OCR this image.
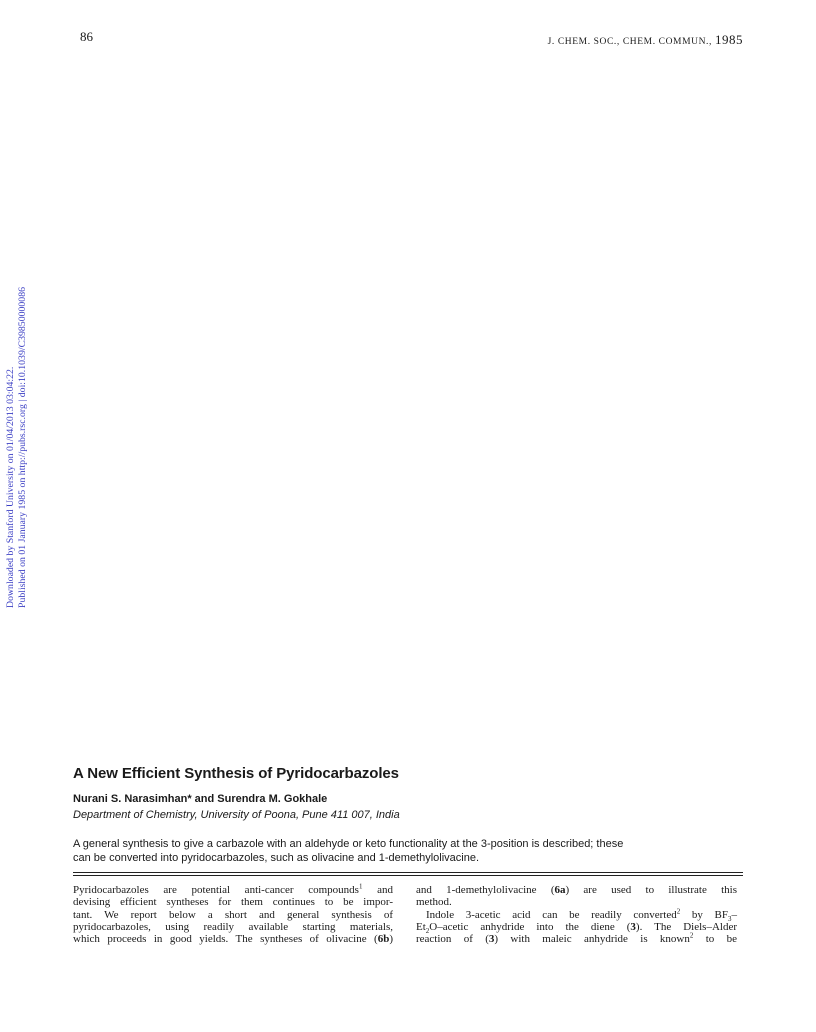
86	J. CHEM. SOC., CHEM. COMMUN., 1985
Downloaded by Stanford University on 01/04/2013 03:04:22. Published on 01 January 1985 on http://pubs.rsc.org | doi:10.1039/C39850000086
A New Efficient Synthesis of Pyridocarbazoles
Nurani S. Narasimhan* and Surendra M. Gokhale
Department of Chemistry, University of Poona, Pune 411 007, India
A general synthesis to give a carbazole with an aldehyde or keto functionality at the 3-position is described; these
can be converted into pyridocarbazoles, such as olivacine and 1-demethylolivacine.
Pyridocarbazoles are potential anti-cancer compounds$^1$ and
devising efficient syntheses for them continues to be impor-
tant. We report below a short and general synthesis of
pyridocarbazoles, using readily available starting materials,
which proceeds in good yields. The syntheses of olivacine (6b)
and 1-demethylolivacine (6a) are used to illustrate this
method.
Indole 3-acetic acid can be readily converted$^2$ by $BF_3-$
$Et_2O$–acetic anhydride into the diene (3). The Diels–Alder
reaction of (3) with maleic anhydride is known$^2$ to be
